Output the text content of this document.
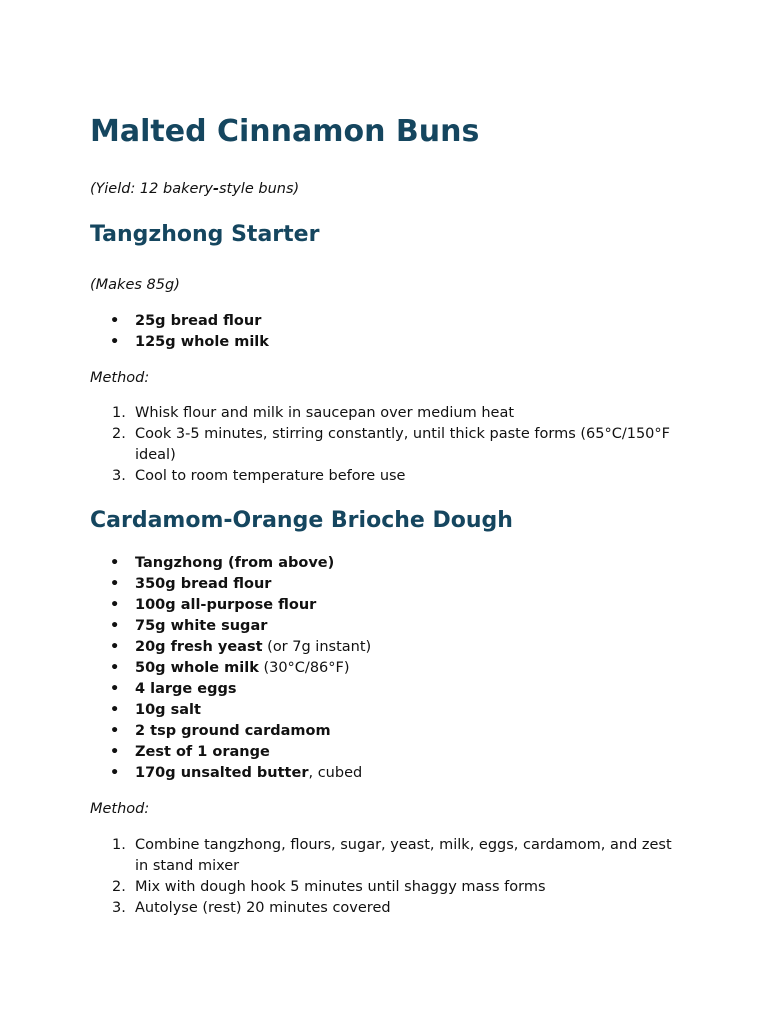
Malted Cinnamon Buns

(Yield: 12 bakery-style buns)

Tangzhong Starter

(Makes 85g)

• 25g bread flour
• 125g whole milk

Method:

1. Whisk flour and milk in saucepan over medium heat
2. Cook 3-5 minutes, stirring constantly, until thick paste forms (65°C/150°F ideal)
3. Cool to room temperature before use
Cardamom-Orange Brioche Dough
• Tangzhong (from above)
• 350g bread flour
• 100g all-purpose flour
• 75g white sugar
• 20g fresh yeast (or 7g instant)
• 50g whole milk (30°C/86°F)
• 4 large eggs
• 10g salt
• 2 tsp ground cardamom
• Zest of 1 orange
• 170g unsalted butter, cubed

Method:

1. Combine tangzhong, flours, sugar, yeast, milk, eggs, cardamom, and zest in stand mixer
2. Mix with dough hook 5 minutes until shaggy mass forms
3. Autolyse (rest) 20 minutes covered
